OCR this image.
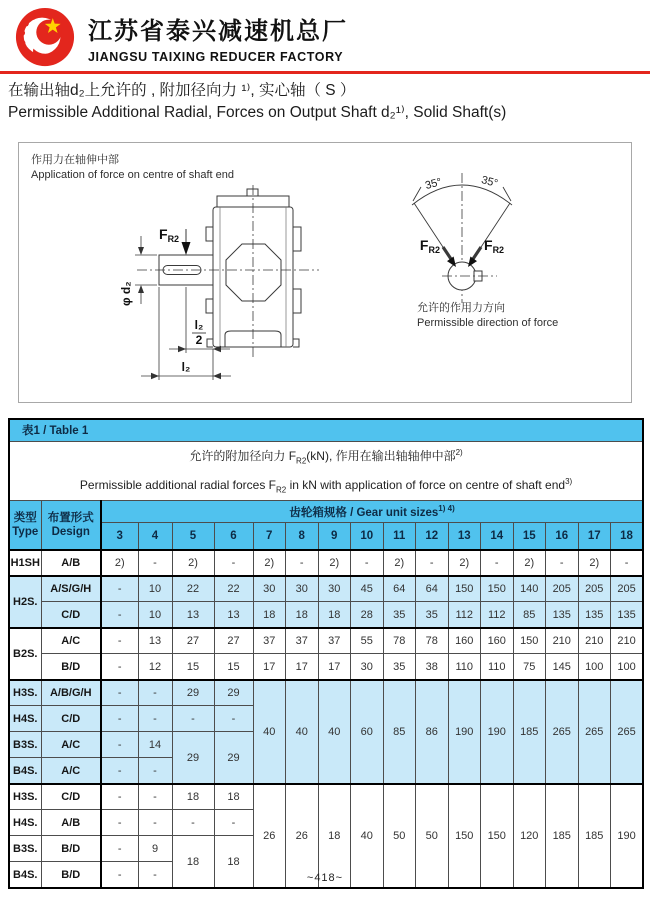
江苏省泰兴减速机总厂
JIANGSU TAIXING REDUCER FACTORY
在输出轴d₂上允许的 , 附加径向力 ¹⁾, 实心轴（ S ）
Permissible Additional Radial, Forces on Output Shaft d₂¹⁾, Solid Shaft(s)
$F_{R2}$
φ d₂
l₂
2
l₂
35°	35°
$F_{R2}$	$F_{R2}$
作用力在轴伸中部
Application of force on centre of shaft end
允许的作用力方向
Permissible direction of force
表1 / Table 1																	

允许的附加径向力 $F_{R2}(kN)$, 作用在输出轴轴伸中部$^{2)}$
Permissible additional radial forces $F_{R2}$ in kN with application of force on centre of shaft end$^{3)}$

类型
Type

布置形式
Design
	齿轮箱规格 / Gear unit sizes$^{1) 4)}$
		3	4	5	6	7	8	9	10	11	12	13	14	15	16	17	18
H1SH	A/B	2)	-	2)	-	2)	-	2)	-	2)	-	2)	-	2)	-	2)	-
H2S.	A/S/G/H	-	10	22	22	30	30	30	45	64	64	150	150	140	205	205	205
	C/D	-	10	13	13	18	18	18	28	35	35	112	112	85	135	135	135
B2S.	A/C	-	13	27	27	37	37	37	55	78	78	160	160	150	210	210	210
	B/D	-	12	15	15	17	17	17	30	35	38	110	110	75	145	100	100
H3S.	A/B/G/H	-	-	29	29	40	40	40	60	85	86	190	190	185	265	265	265
H4S.	C/D	-	-	-	-												
B3S.	A/C	-	14	29	29												
B4S.	A/C	-	-														
H3S.	C/D	-	-	18	18	26	26	18	40	50	50	150	150	120	185	185	190
H4S.	A/B	-	-	-	-												
B3S.	B/D	-	9	18	18												
B4S.	B/D	-	-															~418~
